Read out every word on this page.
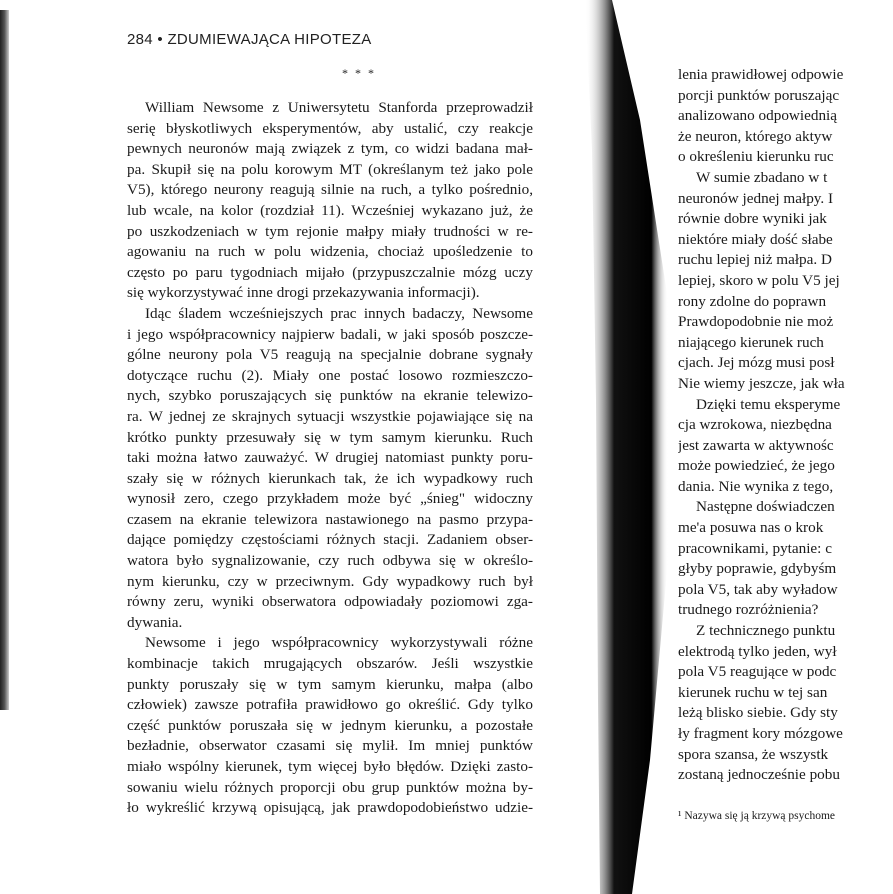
284 • ZDUMIEWAJĄCA HIPOTEZA
* * *
William Newsome z Uniwersytetu Stanforda przeprowadził
serię błyskotliwych eksperymentów, aby ustalić, czy reakcje
pewnych neuronów mają związek z tym, co widzi badana mał-
pa. Skupił się na polu korowym MT (określanym też jako pole
V5), którego neurony reagują silnie na ruch, a tylko pośrednio,
lub wcale, na kolor (rozdział 11). Wcześniej wykazano już, że
po uszkodzeniach w tym rejonie małpy miały trudności w re-
agowaniu na ruch w polu widzenia, chociaż upośledzenie to
często po paru tygodniach mijało (przypuszczalnie mózg uczy
się wykorzystywać inne drogi przekazywania informacji).
Idąc śladem wcześniejszych prac innych badaczy, Newsome
i jego współpracownicy najpierw badali, w jaki sposób poszcze-
gólne neurony pola V5 reagują na specjalnie dobrane sygnały
dotyczące ruchu (2). Miały one postać losowo rozmieszczo-
nych, szybko poruszających się punktów na ekranie telewizo-
ra. W jednej ze skrajnych sytuacji wszystkie pojawiające się na
krótko punkty przesuwały się w tym samym kierunku. Ruch
taki można łatwo zauważyć. W drugiej natomiast punkty poru-
szały się w różnych kierunkach tak, że ich wypadkowy ruch
wynosił zero, czego przykładem może być „śnieg" widoczny
czasem na ekranie telewizora nastawionego na pasmo przypa-
dające pomiędzy częstościami różnych stacji. Zadaniem obser-
watora było sygnalizowanie, czy ruch odbywa się w określo-
nym kierunku, czy w przeciwnym. Gdy wypadkowy ruch był
równy zeru, wyniki obserwatora odpowiadały poziomowi zga-
dywania.
Newsome i jego współpracownicy wykorzystywali różne
kombinacje takich mrugających obszarów. Jeśli wszystkie
punkty poruszały się w tym samym kierunku, małpa (albo
człowiek) zawsze potrafiła prawidłowo go określić. Gdy tylko
część punktów poruszała się w jednym kierunku, a pozostałe
bezładnie, obserwator czasami się mylił. Im mniej punktów
miało wspólny kierunek, tym więcej było błędów. Dzięki zasto-
sowaniu wielu różnych proporcji obu grup punktów można by-
ło wykreślić krzywą opisującą, jak prawdopodobieństwo udzie-
lenia prawidłowej odpowie
porcji punktów poruszając
analizowano odpowiednią
że neuron, którego aktyw
o określeniu kierunku ruc
W sumie zbadano w t
neuronów jednej małpy. I
równie dobre wyniki jak
niektóre miały dość słabe
ruchu lepiej niż małpa. D
lepiej, skoro w polu V5 jej
rony zdolne do poprawn
Prawdopodobnie nie moż
niającego kierunek ruch
cjach. Jej mózg musi posł
Nie wiemy jeszcze, jak wła
Dzięki temu eksperyme
cja wzrokowa, niezbędna
jest zawarta w aktywnośc
może powiedzieć, że jego
dania. Nie wynika z tego,
Następne doświadczen
me'a posuwa nas o krok
pracownikami, pytanie: c
głyby poprawie, gdybyśm
pola V5, tak aby wyładow
trudnego rozróżnienia?
Z technicznego punktu
elektrodą tylko jeden, wył
pola V5 reagujące w podc
kierunek ruchu w tej san
leżą blisko siebie. Gdy sty
ły fragment kory mózgowe
spora szansa, że wszystk
zostaną jednocześnie pobu
¹ Nazywa się ją krzywą psychome
